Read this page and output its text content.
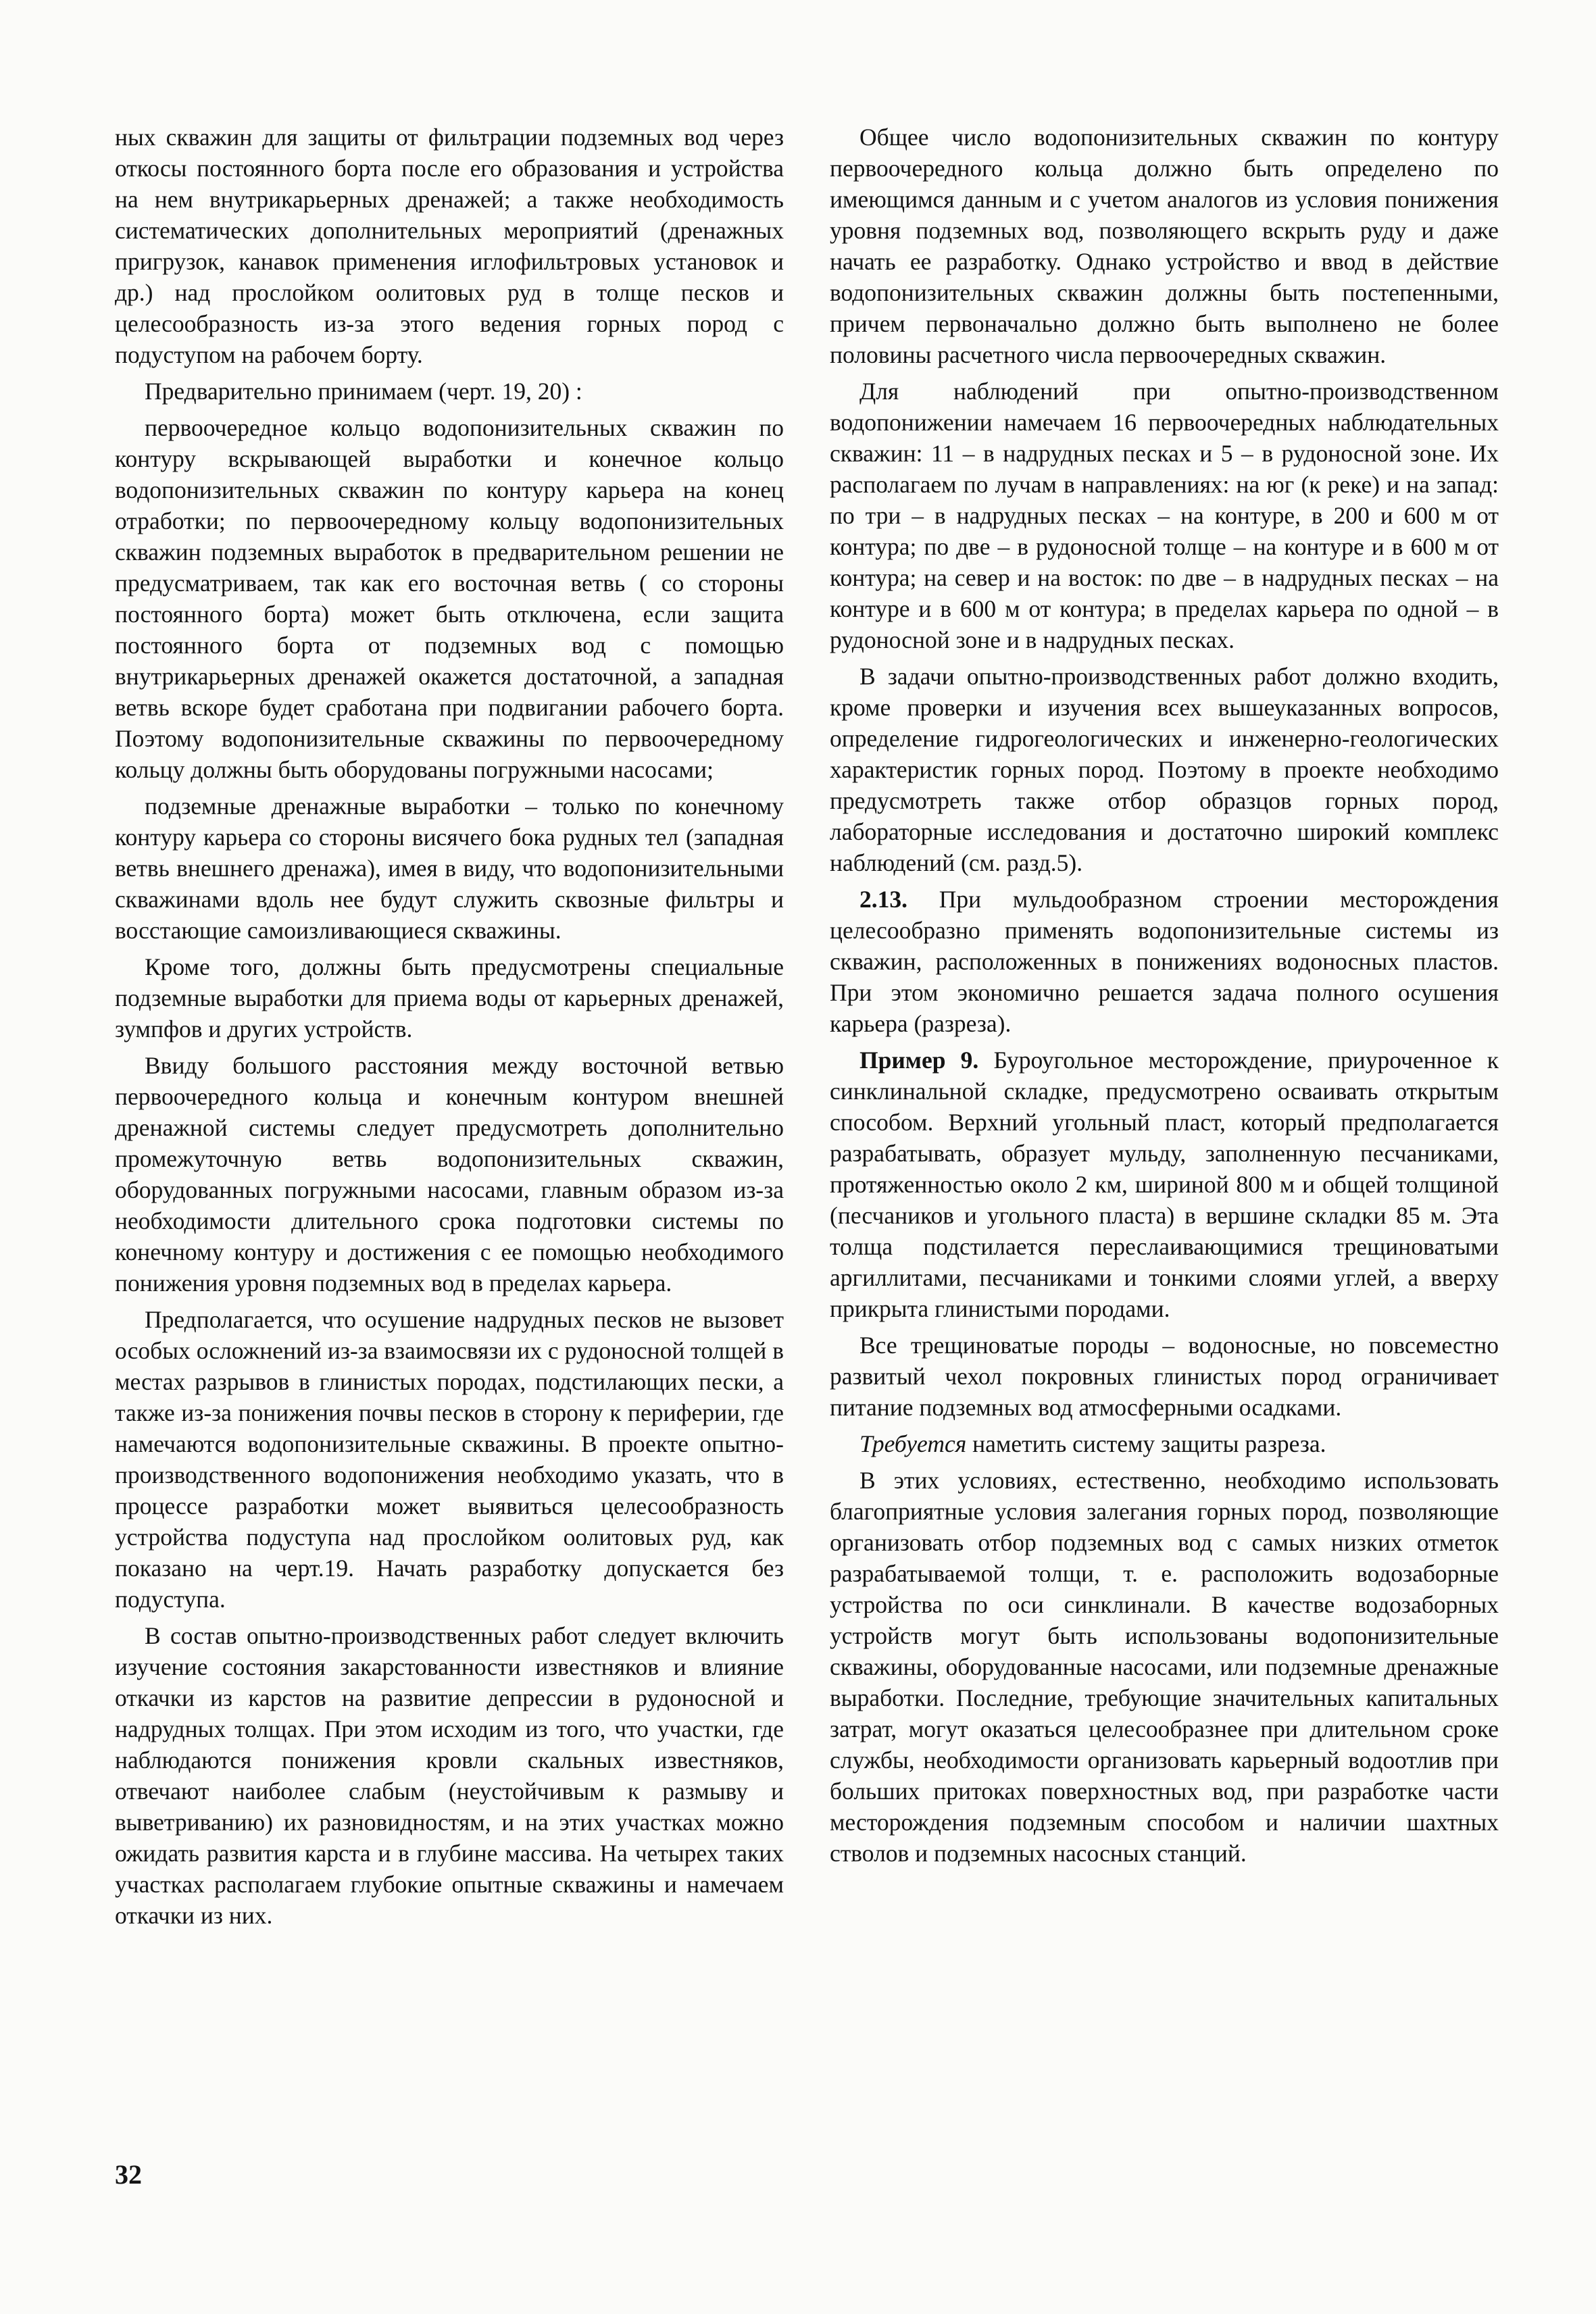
ных скважин для защиты от фильтрации подземных вод через откосы постоянного борта после его образования и устройства на нем внутрикарьерных дренажей; а также необходимость систематических дополнительных мероприятий (дренажных пригрузок, канавок применения иглофильтровых установок и др.) над прослойком оолитовых руд в толще песков и целесообразность из-за этого ведения горных пород с подуступом на рабочем борту.

Предварительно принимаем (черт. 19, 20) :

первоочередное кольцо водопонизительных скважин по контуру вскрывающей выработки и конечное кольцо водопонизительных скважин по контуру карьера на конец отработки; по первоочередному кольцу водопонизительных скважин подземных выработок в предварительном решении не предусматриваем, так как его восточная ветвь ( со стороны постоянного борта) может быть отключена, если защита постоянного борта от подземных вод с помощью внутрикарьерных дренажей окажется достаточной, а западная ветвь вскоре будет сработана при подвигании рабочего борта. Поэтому водопонизительные скважины по первоочередному кольцу должны быть оборудованы погружными насосами;

подземные дренажные выработки – только по конечному контуру карьера со стороны висячего бока рудных тел (западная ветвь внешнего дренажа), имея в виду, что водопонизительными скважинами вдоль нее будут служить сквозные фильтры и восстающие самоизливающиеся скважины.

Кроме того, должны быть предусмотрены специальные подземные выработки для приема воды от карьерных дренажей, зумпфов и других устройств.

Ввиду большого расстояния между восточной ветвью первоочередного кольца и конечным контуром внешней дренажной системы следует предусмотреть дополнительно промежуточную ветвь водопонизительных скважин, оборудованных погружными насосами, главным образом из-за необходимости длительного срока подготовки системы по конечному контуру и достижения с ее помощью необходимого понижения уровня подземных вод в пределах карьера.

Предполагается, что осушение надрудных песков не вызовет особых осложнений из-за взаимосвязи их с рудоносной толщей в местах разрывов в глинистых породах, подстилающих пески, а также из-за понижения почвы песков в сторону к периферии, где намечаются водопонизительные скважины. В проекте опытно-производственного водопонижения необходимо указать, что в процессе разработки может выявиться целесообразность устройства подуступа над прослойком оолитовых руд, как показано на черт.19. Начать разработку допускается без подуступа.

В состав опытно-производственных работ следует включить изучение состояния закарстованности известняков и влияние откачки из карстов на развитие депрессии в рудоносной и надрудных толщах. При этом исходим из того, что участки, где наблюдаются понижения кровли скальных известняков, отвечают наиболее слабым (неустойчивым к размыву и выветриванию) их разновидностям, и на этих участках можно ожидать развития карста и в глубине массива. На четырех таких участках располагаем глубокие опытные скважины и намечаем откачки из них.

Общее число водопонизительных скважин по контуру первоочередного кольца должно быть определено по имеющимся данным и с учетом аналогов из условия понижения уровня подземных вод, позволяющего вскрыть руду и даже начать ее разработку. Однако устройство и ввод в действие водопонизительных скважин должны быть постепенными, причем первоначально должно быть выполнено не более половины расчетного числа первоочередных скважин.

Для наблюдений при опытно-производственном водопонижении намечаем 16 первоочередных наблюдательных скважин: 11 – в надрудных песках и 5 – в рудоносной зоне. Их располагаем по лучам в направлениях: на юг (к реке) и на запад: по три – в надрудных песках – на контуре, в 200 и 600 м от контура; по две – в рудоносной толще – на контуре и в 600 м от контура; на север и на восток: по две – в надрудных песках – на контуре и в 600 м от контура; в пределах карьера по одной – в рудоносной зоне и в надрудных песках.

В задачи опытно-производственных работ должно входить, кроме проверки и изучения всех вышеуказанных вопросов, определение гидрогеологических и инженерно-геологических характеристик горных пород. Поэтому в проекте необходимо предусмотреть также отбор образцов горных пород, лабораторные исследования и достаточно широкий комплекс наблюдений (см. разд.5).

2.13. При мульдообразном строении месторождения целесообразно применять водопонизительные системы из скважин, расположенных в понижениях водоносных пластов. При этом экономично решается задача полного осушения карьера (разреза).

Пример 9. Буроугольное месторождение, приуроченное к синклинальной складке, предусмотрено осваивать открытым способом. Верхний угольный пласт, который предполагается разрабатывать, образует мульду, заполненную песчаниками, протяженностью около 2 км, шириной 800 м и общей толщиной (песчаников и угольного пласта) в вершине складки 85 м. Эта толща подстилается переслаивающимися трещиноватыми аргиллитами, песчаниками и тонкими слоями углей, а вверху прикрыта глинистыми породами.

Все трещиноватые породы – водоносные, но повсеместно развитый чехол покровных глинистых пород ограничивает питание подземных вод атмосферными осадками.

Требуется наметить систему защиты разреза.

В этих условиях, естественно, необходимо использовать благоприятные условия залегания горных пород, позволяющие организовать отбор подземных вод с самых низких отметок разрабатываемой толщи, т. е. расположить водозаборные устройства по оси синклинали. В качестве водозаборных устройств могут быть использованы водопонизительные скважины, оборудованные насосами, или подземные дренажные выработки. Последние, требующие значительных капитальных затрат, могут оказаться целесообразнее при длительном сроке службы, необходимости организовать карьерный водоотлив при больших притоках поверхностных вод, при разработке части месторождения подземным способом и наличии шахтных стволов и подземных насосных станций.

32
